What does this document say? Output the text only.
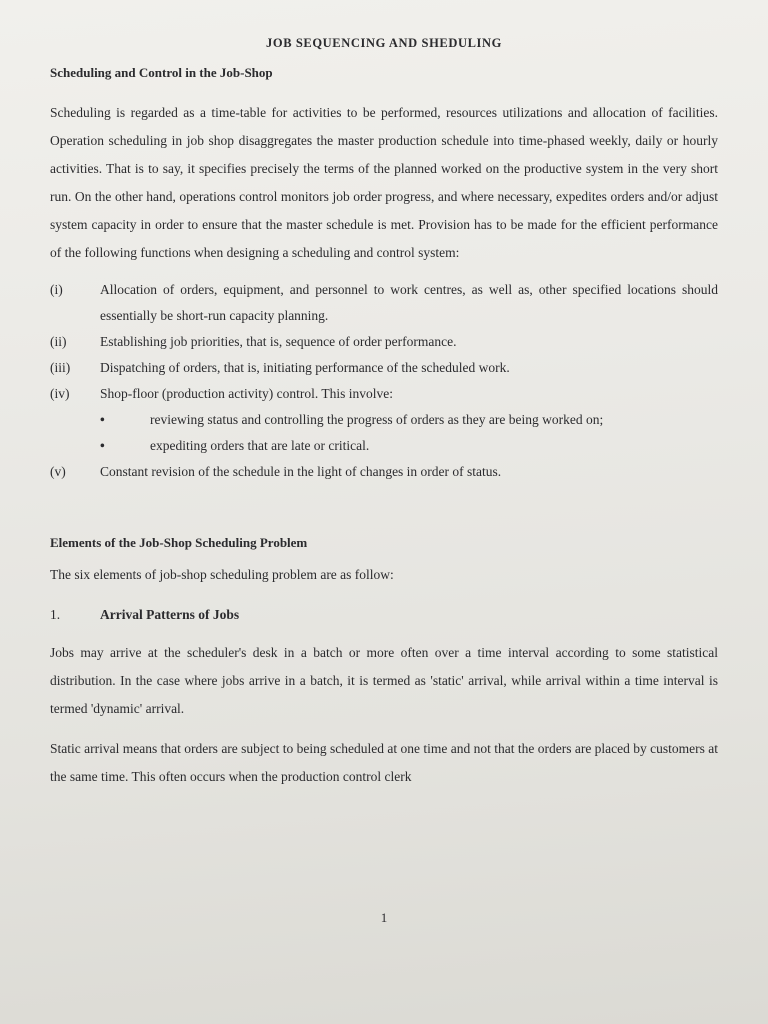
JOB SEQUENCING AND SHEDULING
Scheduling and Control in the Job-Shop

Scheduling is regarded as a time-table for activities to be performed, resources utilizations and allocation of facilities. Operation scheduling in job shop disaggregates the master production schedule into time-phased weekly, daily or hourly activities. That is to say, it specifies precisely the terms of the planned worked on the productive system in the very short run. On the other hand, operations control monitors job order progress, and where necessary, expedites orders and/or adjust system capacity in order to ensure that the master schedule is met. Provision has to be made for the efficient performance of the following functions when designing a scheduling and control system:

(i)	Allocation of orders, equipment, and personnel to work centres, as well as, other specified locations should essentially be short-run capacity planning.
(ii)	Establishing job priorities, that is, sequence of order performance.
(iii)	Dispatching of orders, that is, initiating performance of the scheduled work.
(iv)	Shop-floor (production activity) control. This involve:
•	reviewing status and controlling the progress of orders as they are being worked on;
•	expediting orders that are late or critical.
(v)	Constant revision of the schedule in the light of changes in order of status.
Elements of the Job-Shop Scheduling Problem

The six elements of job-shop scheduling problem are as follow:

1.	Arrival Patterns of Jobs

Jobs may arrive at the scheduler's desk in a batch or more often over a time interval according to some statistical distribution. In the case where jobs arrive in a batch, it is termed as 'static' arrival, while arrival within a time interval is termed 'dynamic' arrival.

Static arrival means that orders are subject to being scheduled at one time and not that the orders are placed by customers at the same time. This often occurs when the production control clerk

1
